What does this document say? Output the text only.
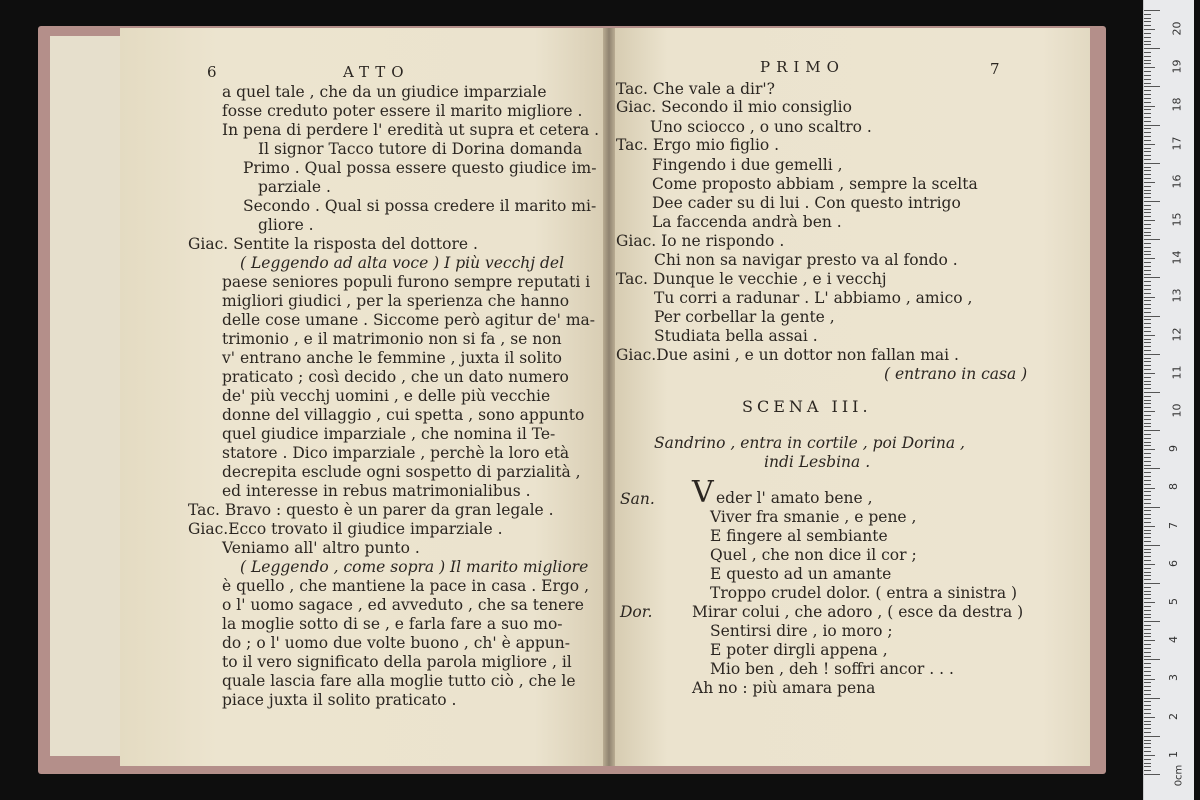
6	ATTO
a quel tale , che da un giudice imparziale
fosse creduto poter essere il marito migliore .
In pena di perdere l' eredità ut supra et cetera .
Il signor Tacco tutore di Dorina domanda
Primo . Qual possa essere questo giudice im-
parziale .
Secondo . Qual si possa credere il marito mi-
gliore .
Giac. Sentite la risposta del dottore .
( Leggendo ad alta voce ) I più vecchj del
paese seniores populi furono sempre reputati i
migliori giudici , per la sperienza che hanno
delle cose umane . Siccome però agitur de' ma-
trimonio , e il matrimonio non si fa , se non
v' entrano anche le femmine , juxta il solito
praticato ; così decido , che un dato numero
de' più vecchj uomini , e delle più vecchie
donne del villaggio , cui spetta , sono appunto
quel giudice imparziale , che nomina il Te-
statore . Dico imparziale , perchè la loro età
decrepita esclude ogni sospetto di parzialità ,
ed interesse in rebus matrimonialibus .
Tac. Bravo : questo è un parer da gran legale .
Giac.Ecco trovato il giudice imparziale .
Veniamo all' altro punto .
( Leggendo , come sopra ) Il marito migliore
è quello , che mantiene la pace in casa . Ergo ,
o l' uomo sagace , ed avveduto , che sa tenere
la moglie sotto di se , e farla fare a suo mo-
do ; o l' uomo due volte buono , ch' è appun-
to il vero significato della parola migliore , il
quale lascia fare alla moglie tutto ciò , che le
piace juxta il solito praticato .
PRIMO	7
Tac. Che vale a dir'?
Giac. Secondo il mio consiglio
Uno sciocco , o uno scaltro .
Tac. Ergo mio figlio .
Fingendo i due gemelli ,
Come proposto abbiam , sempre la scelta
Dee cader su di lui . Con questo intrigo
La faccenda andrà ben .
Giac. Io ne rispondo .
Chi non sa navigar presto va al fondo .
Tac. Dunque le vecchie , e i vecchj
Tu corri a radunar . L' abbiamo , amico ,
Per corbellar la gente ,
Studiata bella assai .
Giac.Due asini , e un dottor non fallan mai .
( entrano in casa )
SCENA III.
Sandrino , entra in cortile , poi Dorina ,
indi Lesbina .
San. V eder l' amato bene ,
Viver fra smanie , e pene ,
E fingere al sembiante
Quel , che non dice il cor ;
E questo ad un amante
Troppo crudel dolor. ( entra a sinistra )
Dor.	Mirar colui , che adoro , ( esce da destra )
Sentirsi dire , io moro ;
E poter dirgli appena ,
Mio ben , deh ! soffri ancor . . .
Ah no : più amara pena
20
19
18
17
16
15
14
13
12
11
10
9
8
7
6
5
4
3
2
1
0cm
